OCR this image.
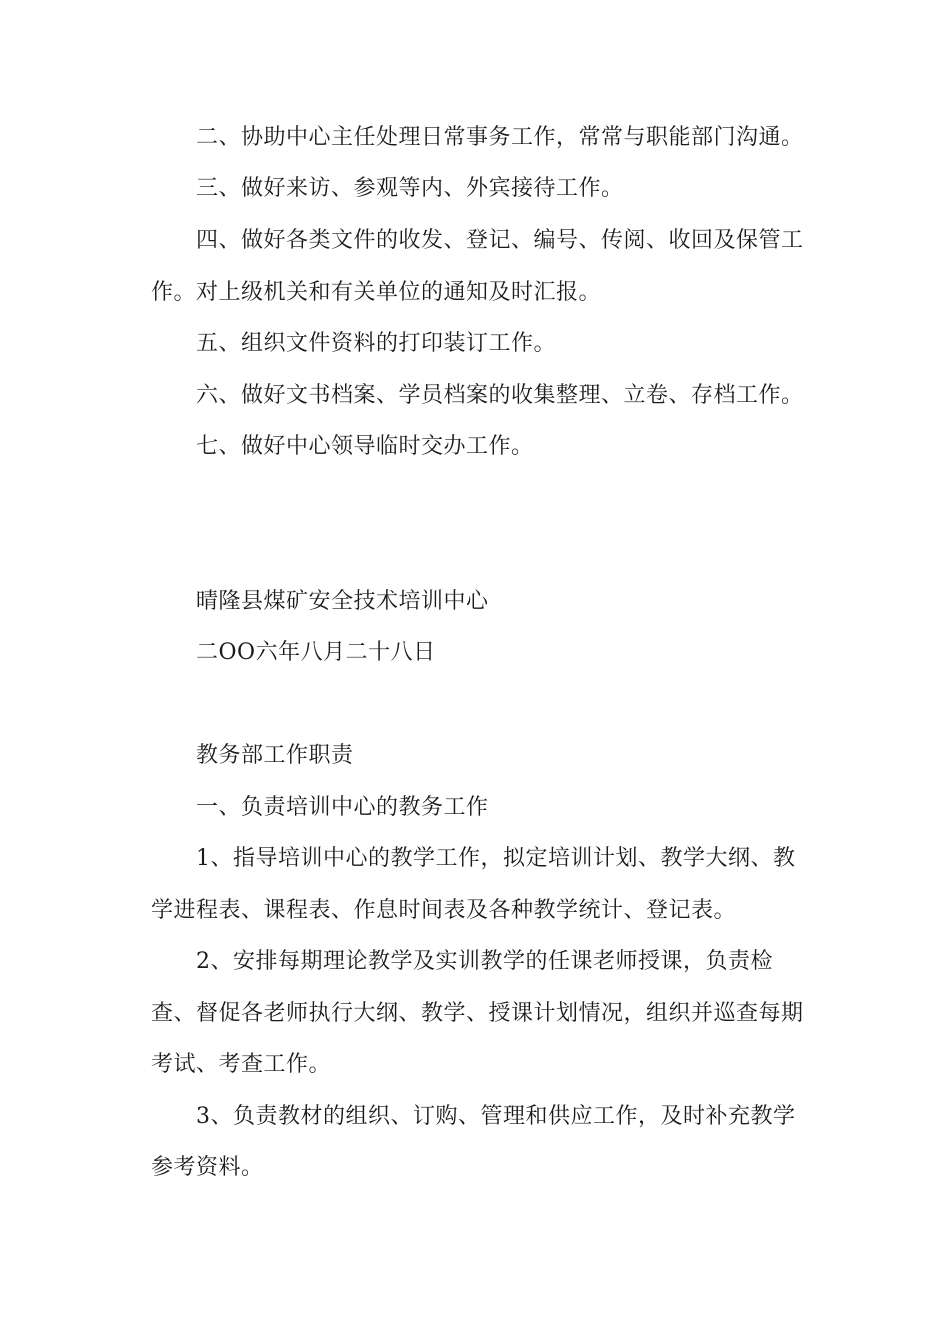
二、协助中心主任处理日常事务工作，常常与职能部门沟通。
三、做好来访、参观等内、外宾接待工作。
四、做好各类文件的收发、登记、编号、传阅、收回及保管工
作。对上级机关和有关单位的通知及时汇报。
五、组织文件资料的打印装订工作。
六、做好文书档案、学员档案的收集整理、立卷、存档工作。
七、做好中心领导临时交办工作。
晴隆县煤矿安全技术培训中心
二OO六年八月二十八日
教务部工作职责
一、负责培训中心的教务工作
1、指导培训中心的教学工作，拟定培训计划、教学大纲、教
学进程表、课程表、作息时间表及各种教学统计、登记表。
2、安排每期理论教学及实训教学的任课老师授课，负责检
查、督促各老师执行大纲、教学、授课计划情况，组织并巡查每期
考试、考查工作。
3、负责教材的组织、订购、管理和供应工作，及时补充教学
参考资料。
